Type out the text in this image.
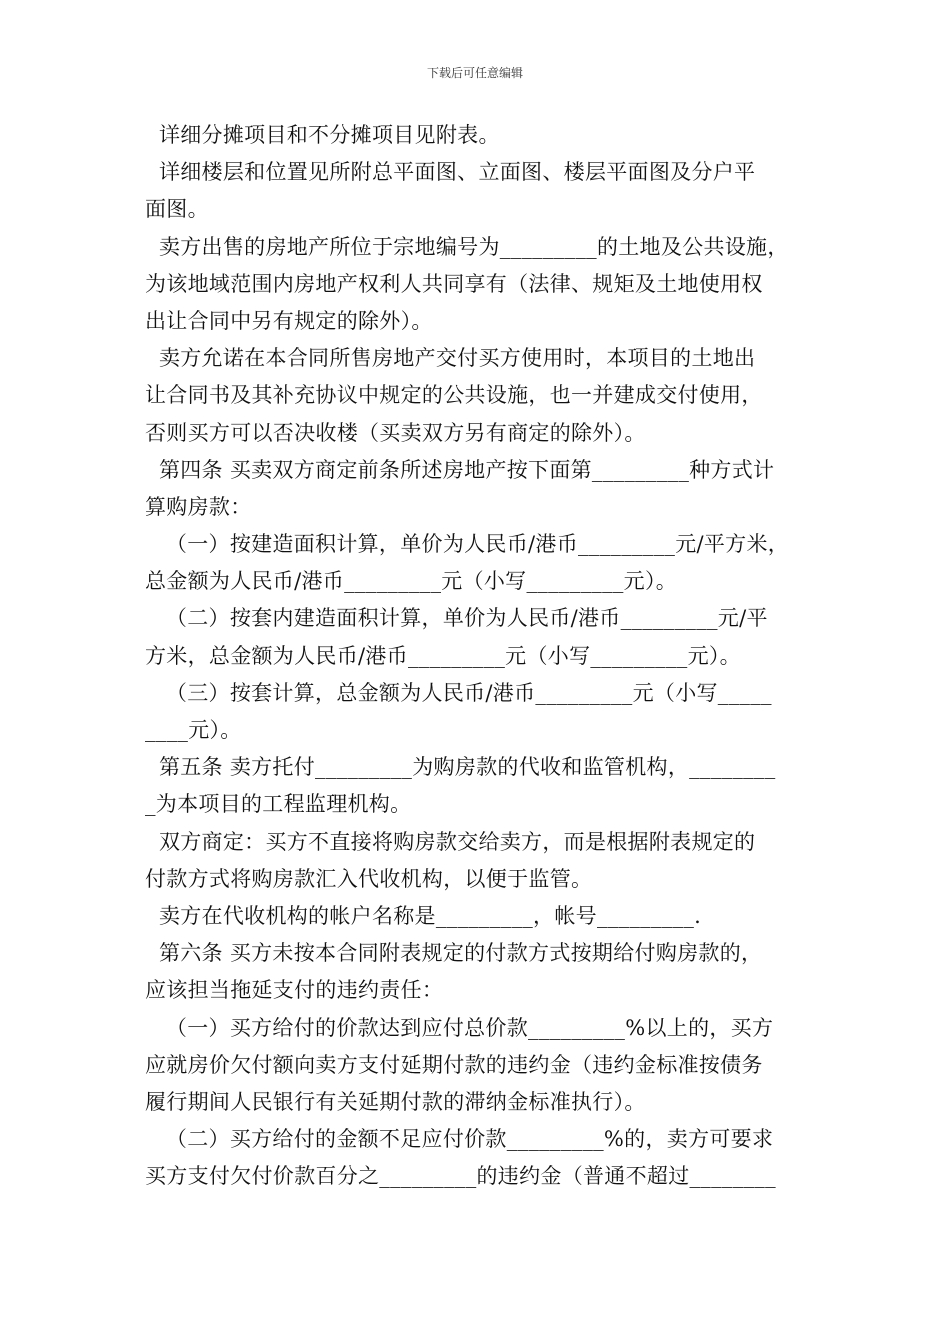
下载后可任意编辑
详细分摊项目和不分摊项目见附表。
详细楼层和位置见所附总平面图、立面图、楼层平面图及分户平
面图。
卖方出售的房地产所位于宗地编号为_________的土地及公共设施，
为该地域范围内房地产权利人共同享有（法律、规矩及土地使用权
出让合同中另有规定的除外）。
卖方允诺在本合同所售房地产交付买方使用时，本项目的土地出
让合同书及其补充协议中规定的公共设施，也一并建成交付使用，
否则买方可以否决收楼（买卖双方另有商定的除外）。
第四条 买卖双方商定前条所述房地产按下面第_________种方式计
算购房款：
（一）按建造面积计算，单价为人民币/港币_________元/平方米，
总金额为人民币/港币_________元（小写_________元）。
（二）按套内建造面积计算，单价为人民币/港币_________元/平
方米，总金额为人民币/港币_________元（小写_________元）。
（三）按套计算，总金额为人民币/港币_________元（小写_____
____元）。
第五条 卖方托付_________为购房款的代收和监管机构，________
_为本项目的工程监理机构。
双方商定：买方不直接将购房款交给卖方，而是根据附表规定的
付款方式将购房款汇入代收机构，以便于监管。
卖方在代收机构的帐户名称是_________，帐号_________.
第六条 买方未按本合同附表规定的付款方式按期给付购房款的，
应该担当拖延支付的违约责任：
（一）买方给付的价款达到应付总价款_________%以上的，买方
应就房价欠付额向卖方支付延期付款的违约金（违约金标准按债务
履行期间人民银行有关延期付款的滞纳金标准执行）。
（二）买方给付的金额不足应付价款_________%的，卖方可要求
买方支付欠付价款百分之_________的违约金（普通不超过________
